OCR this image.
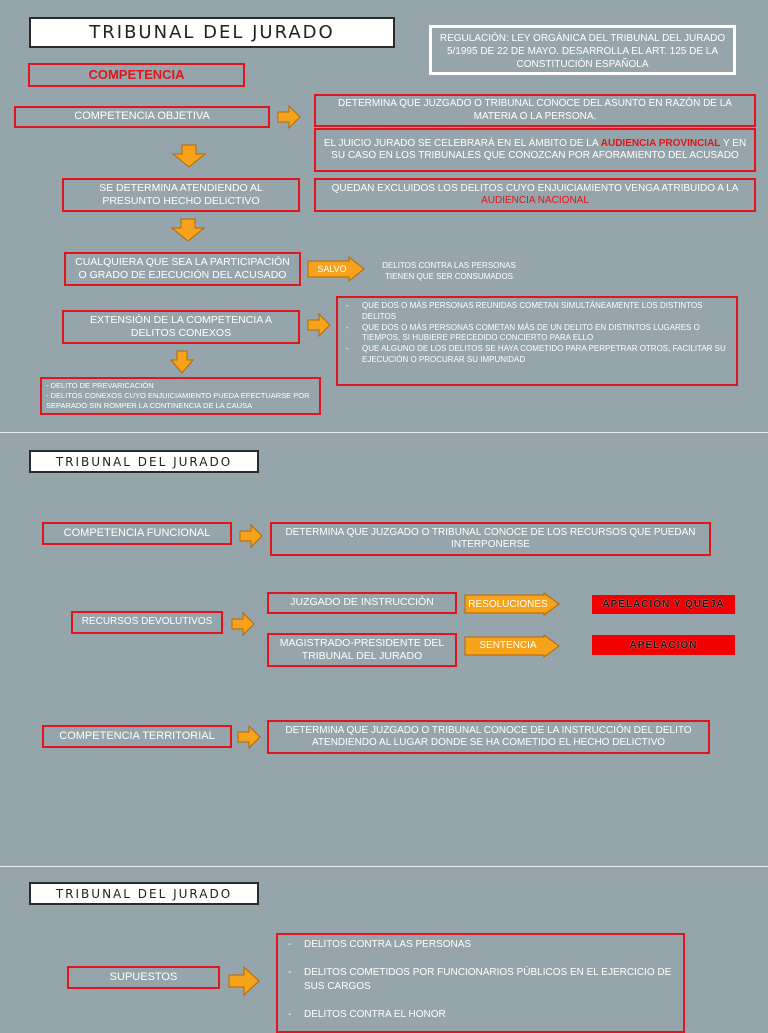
TRIBUNAL DEL JURADO	REGULACIÓN: LEY ORGÁNICA DEL TRIBUNAL DEL JURADO 5/1995 DE 22 DE MAYO. DESARROLLA EL ART. 125 DE LA CONSTITUCIÓN ESPAÑOLA
COMPETENCIA
COMPETENCIA OBJETIVA
DETERMINA QUE JUZGADO O TRIBUNAL CONOCE DEL ASUNTO EN RAZÓN DE LA MATERIA O LA PERSONA.
EL JUICIO JURADO SE CELEBRARÁ EN EL ÁMBITO DE LA AUDIENCIA PROVINCIAL Y EN SU CASO EN LOS TRIBUNALES QUE CONOZCAN POR AFORAMIENTO DEL ACUSADO
SE DETERMINA ATENDIENDO AL PRESUNTO HECHO DELICTIVO
QUEDAN EXCLUIDOS LOS DELITOS CUYO ENJUICIAMIENTO VENGA ATRIBUIDO A LA AUDIENCIA NACIONAL
CUALQUIERA QUE SEA LA PARTICIPACIÓN O GRADO DE EJECUCIÓN DEL ACUSADO	SALVO	DELITOS CONTRA LAS PERSONAS TIENEN QUE SER CONSUMADOS
EXTENSIÓN DE LA COMPETENCIA A DELITOS CONEXOS
- QUE DOS O MÁS PERSONAS REUNIDAS COMETAN SIMULTÁNEAMENTE LOS DISTINTOS DELITOS
- QUE DOS O MÁS PERSONAS COMETAN MÁS DE UN DELITO EN DISTINTOS LUGARES O TIEMPOS, SI HUBIERE PRECEDIDO CONCIERTO PARA ELLO
- QUE ALGUNO DE LOS DELITOS SE HAYA COMETIDO PARA PERPETRAR OTROS, FACILITAR SU EJECUCIÓN O PROCURAR SU IMPUNIDAD
- DELITO DE PREVARICACIÓN
- DELITOS CONEXOS CUYO ENJUICIAMIENTO PUEDA EFECTUARSE POR SEPARADO SIN ROMPER LA CONTINENCIA DE LA CAUSA
TRIBUNAL DEL JURADO
COMPETENCIA FUNCIONAL	DETERMINA QUE JUZGADO O TRIBUNAL CONOCE DE LOS RECURSOS QUE PUEDAN INTERPONERSE
RECURSOS DEVOLUTIVOS
JUZGADO DE INSTRUCCIÓN	RESOLUCIONES	APELACIÓN Y QUEJA
MAGISTRADO-PRESIDENTE DEL TRIBUNAL DEL JURADO
SENTENCIA	APELACIÓN
COMPETENCIA TERRITORIAL	DETERMINA QUE JUZGADO O TRIBUNAL CONOCE DE LA INSTRUCCIÓN DEL DELITO ATENDIENDO AL LUGAR DONDE SE HA COMETIDO EL HECHO DELICTIVO
TRIBUNAL DEL JURADO
SUPUESTOS
- DELITOS CONTRA LAS PERSONAS
- DELITOS COMETIDOS POR FUNCIONARIOS PÚBLICOS EN EL EJERCICIO DE SUS CARGOS
- DELITOS CONTRA EL HONOR
